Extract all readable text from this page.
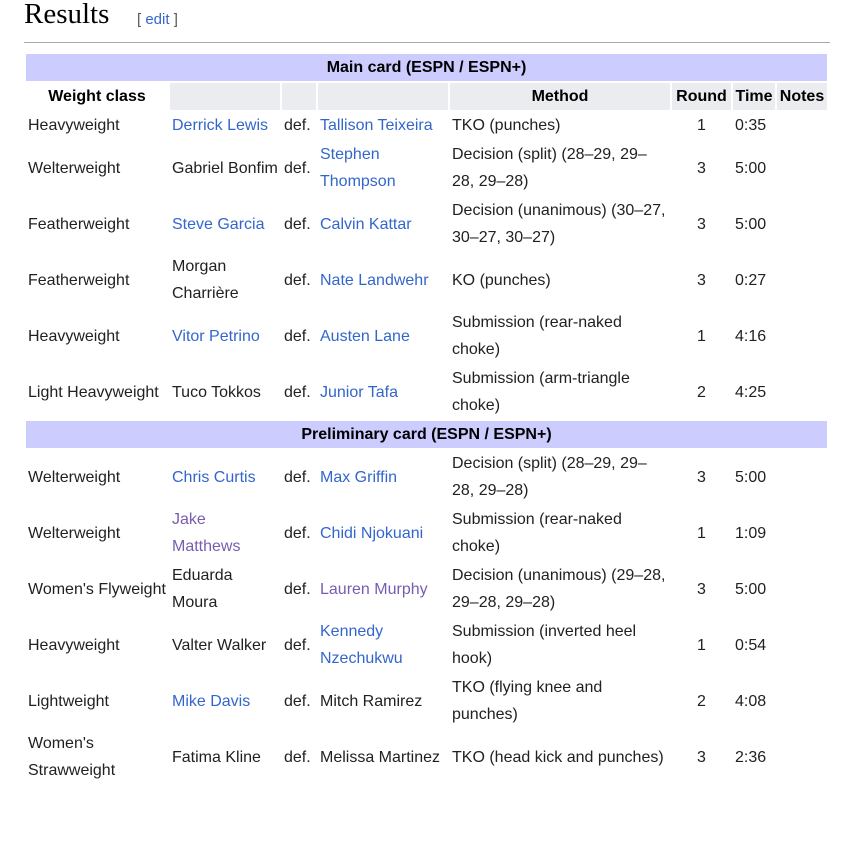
Results [ edit ]
Main card (ESPN / ESPN+)							
Weight class				Method	Round	Time	Notes
Heavyweight	Derrick Lewis	def.	Tallison Teixeira	TKO (punches)	1	0:35	
Welterweight	Gabriel Bonfim	def.	Stephen Thompson	Decision (split) (28–29, 29–28, 29–28)	3	5:00	
Featherweight	Steve Garcia	def.	Calvin Kattar	Decision (unanimous) (30–27, 30–27, 30–27)	3	5:00	
Featherweight	Morgan Charrière	def.	Nate Landwehr	KO (punches)	3	0:27	
Heavyweight	Vitor Petrino	def.	Austen Lane	Submission (rear-naked choke)	1	4:16	
Light Heavyweight	Tuco Tokkos	def.	Junior Tafa	Submission (arm-triangle choke)	2	4:25	
Preliminary card (ESPN / ESPN+)							
Welterweight	Chris Curtis	def.	Max Griffin	Decision (split) (28–29, 29–28, 29–28)	3	5:00	
Welterweight	Jake Matthews	def.	Chidi Njokuani	Submission (rear-naked choke)	1	1:09	
Women's Flyweight	Eduarda Moura	def.	Lauren Murphy	Decision (unanimous) (29–28, 29–28, 29–28)	3	5:00	
Heavyweight	Valter Walker	def.	Kennedy Nzechukwu	Submission (inverted heel hook)	1	0:54	
Lightweight	Mike Davis	def.	Mitch Ramirez	TKO (flying knee and punches)	2	4:08	
Women's Strawweight	Fatima Kline	def.	Melissa Martinez	TKO (head kick and punches)	3	2:36	
